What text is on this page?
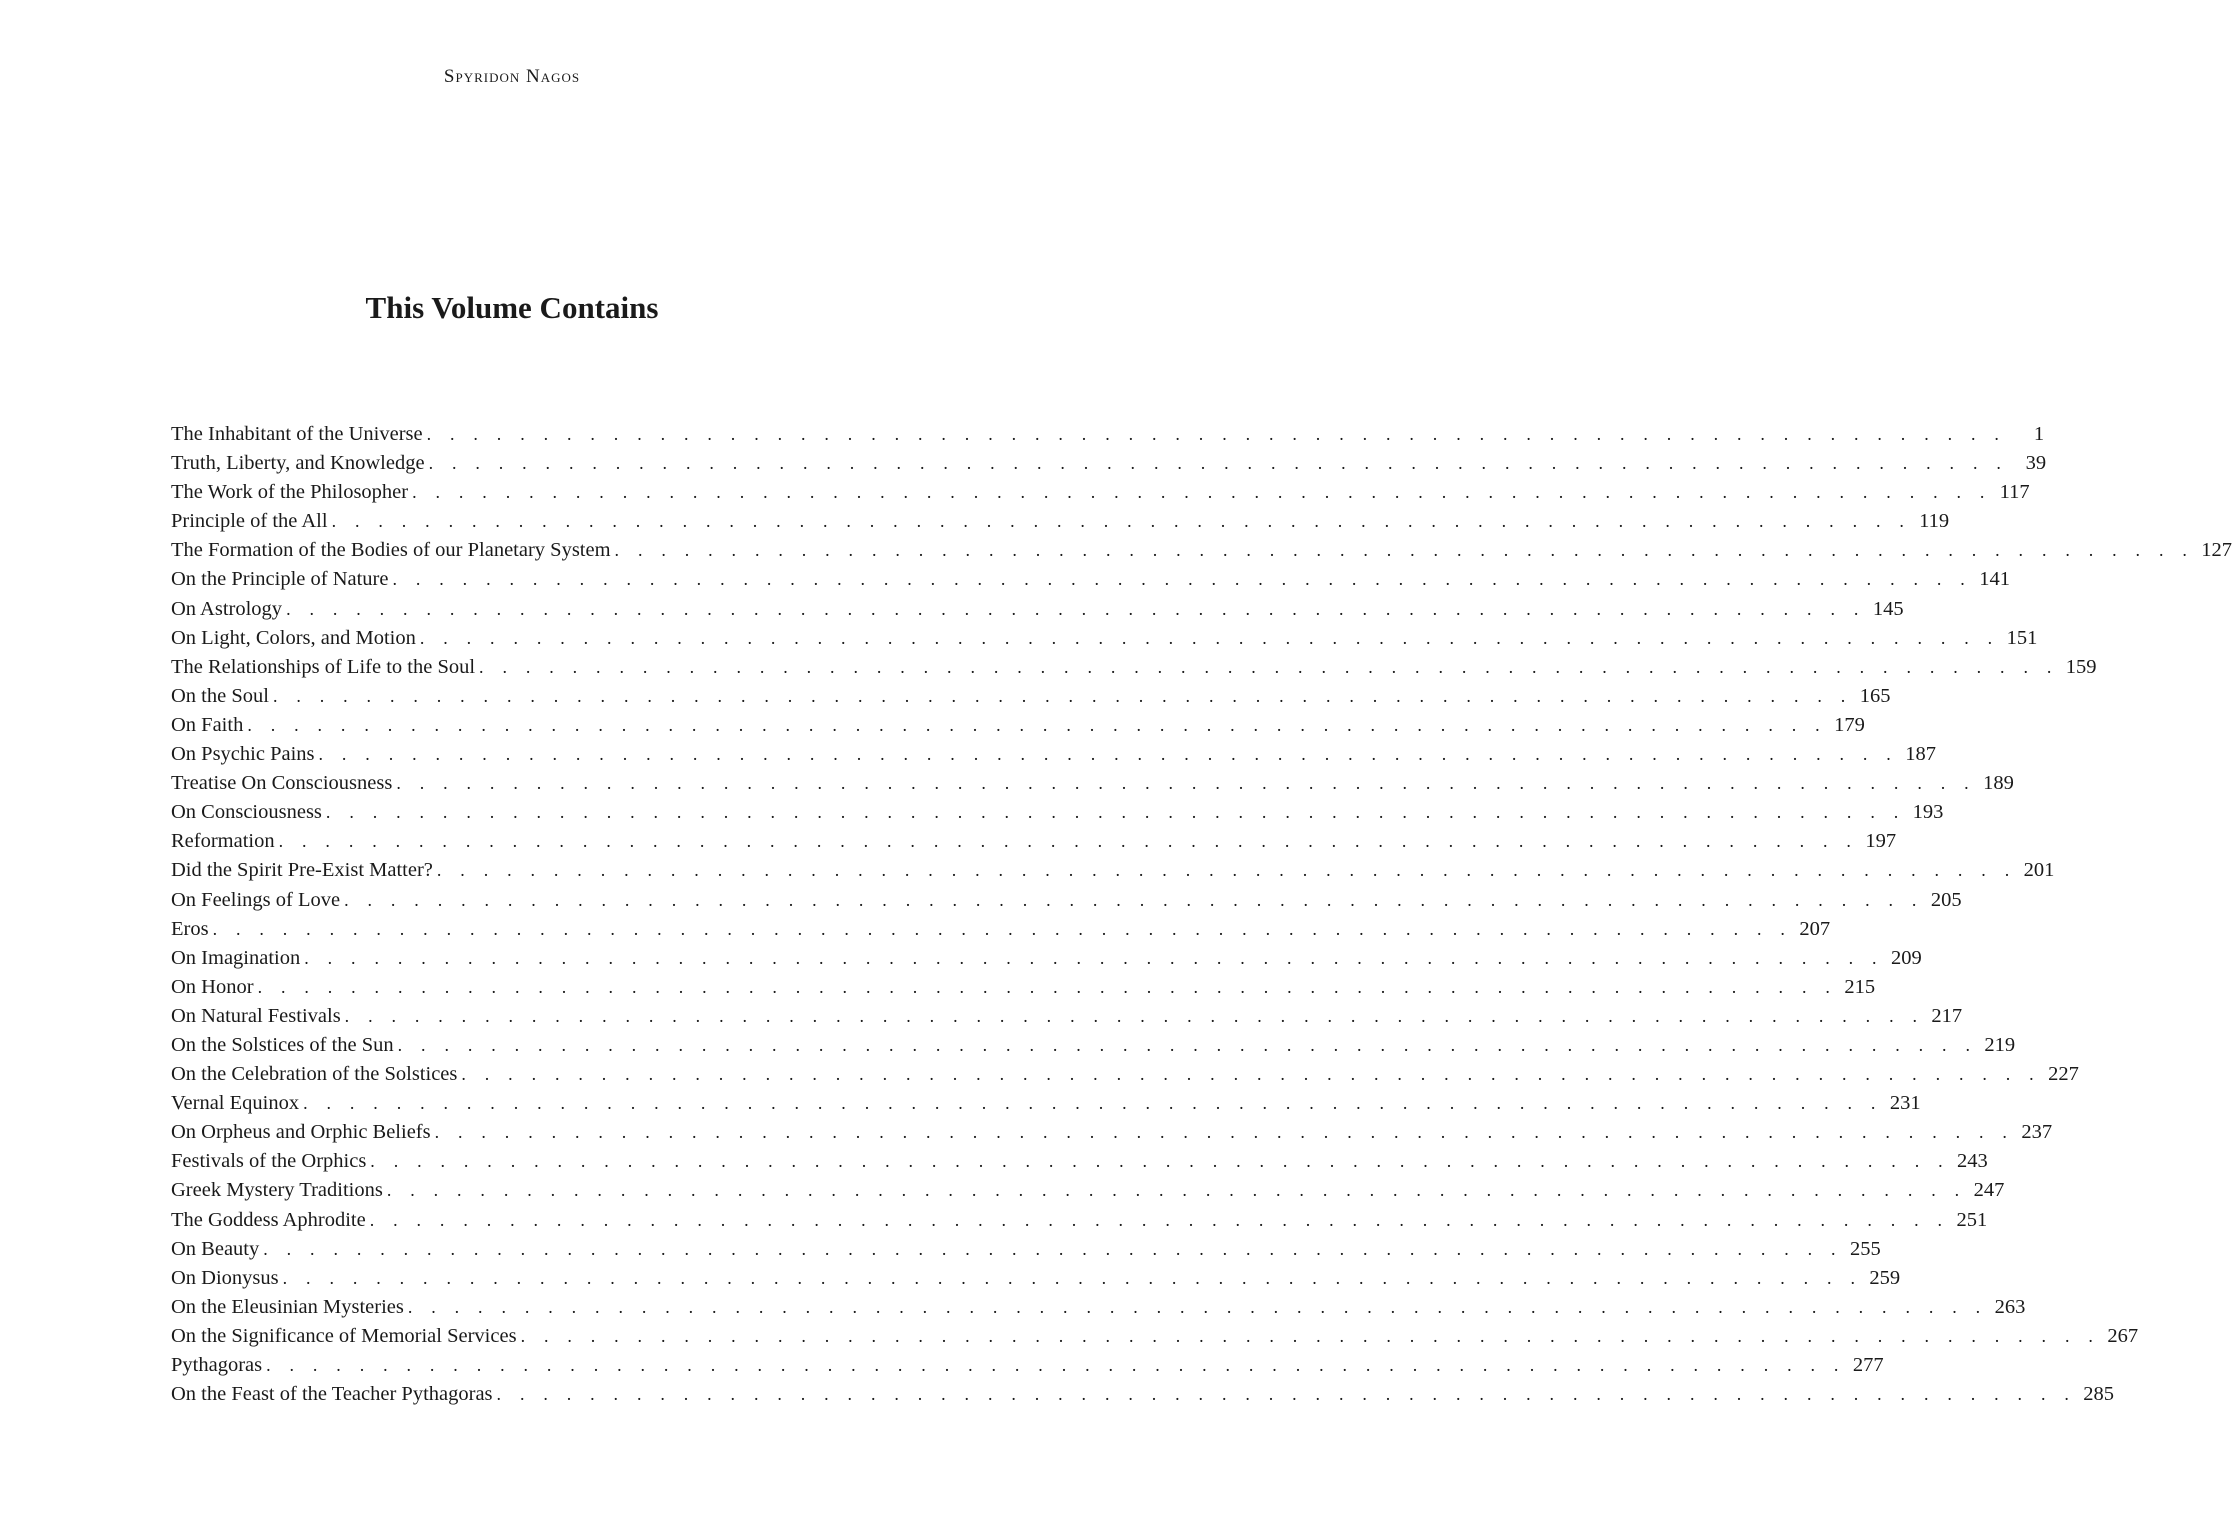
Spyridon Nagos
This Volume Contains
The Inhabitant of the Universe . . . . . . . . . . . . . . . . . . . . . . . . . . . . . . . . . . . . . . . . . . . . . . . . . . . . . . . . . . . . . . . . . . . .	1
Truth, Liberty, and Knowledge . . . . . . . . . . . . . . . . . . . . . . . . . . . . . . . . . . . . . . . . . . . . . . . . . . . . . . . . . . . . . . . . . . . . 39
The Work of the Philosopher . . . . . . . . . . . . . . . . . . . . . . . . . . . . . . . . . . . . . . . . . . . . . . . . . . . . . . . . . . . . . . . . . . . . 117
Principle of the All . . . . . . . . . . . . . . . . . . . . . . . . . . . . . . . . . . . . . . . . . . . . . . . . . . . . . . . . . . . . . . . . . . . . 119
The Formation of the Bodies of our Planetary System . . . . . . . . . . . . . . . . . . . . . . . . . . . . . . . . . . . . . . . . . . . . . . . . . . . . . . . . . . . . . . . . . . . . 127
On the Principle of Nature . . . . . . . . . . . . . . . . . . . . . . . . . . . . . . . . . . . . . . . . . . . . . . . . . . . . . . . . . . . . . . . . . . . . 141
On Astrology . . . . . . . . . . . . . . . . . . . . . . . . . . . . . . . . . . . . . . . . . . . . . . . . . . . . . . . . . . . . . . . . . . . . 145
On Light, Colors, and Motion . . . . . . . . . . . . . . . . . . . . . . . . . . . . . . . . . . . . . . . . . . . . . . . . . . . . . . . . . . . . . . . . . . . . 151
The Relationships of Life to the Soul . . . . . . . . . . . . . . . . . . . . . . . . . . . . . . . . . . . . . . . . . . . . . . . . . . . . . . . . . . . . . . . . . . . . 159
On the Soul . . . . . . . . . . . . . . . . . . . . . . . . . . . . . . . . . . . . . . . . . . . . . . . . . . . . . . . . . . . . . . . . . . . . 165
On Faith . . . . . . . . . . . . . . . . . . . . . . . . . . . . . . . . . . . . . . . . . . . . . . . . . . . . . . . . . . . . . . . . . . . . 179
On Psychic Pains . . . . . . . . . . . . . . . . . . . . . . . . . . . . . . . . . . . . . . . . . . . . . . . . . . . . . . . . . . . . . . . . . . . . 187
Treatise On Consciousness . . . . . . . . . . . . . . . . . . . . . . . . . . . . . . . . . . . . . . . . . . . . . . . . . . . . . . . . . . . . . . . . . . . . 189
On Consciousness . . . . . . . . . . . . . . . . . . . . . . . . . . . . . . . . . . . . . . . . . . . . . . . . . . . . . . . . . . . . . . . . . . . . 193
Reformation . . . . . . . . . . . . . . . . . . . . . . . . . . . . . . . . . . . . . . . . . . . . . . . . . . . . . . . . . . . . . . . . . . . . 197
Did the Spirit Pre-Exist Matter? . . . . . . . . . . . . . . . . . . . . . . . . . . . . . . . . . . . . . . . . . . . . . . . . . . . . . . . . . . . . . . . . . . . . 201
On Feelings of Love . . . . . . . . . . . . . . . . . . . . . . . . . . . . . . . . . . . . . . . . . . . . . . . . . . . . . . . . . . . . . . . . . . . . 205
Eros . . . . . . . . . . . . . . . . . . . . . . . . . . . . . . . . . . . . . . . . . . . . . . . . . . . . . . . . . . . . . . . . . . . . 207
On Imagination . . . . . . . . . . . . . . . . . . . . . . . . . . . . . . . . . . . . . . . . . . . . . . . . . . . . . . . . . . . . . . . . . . . . 209
On Honor . . . . . . . . . . . . . . . . . . . . . . . . . . . . . . . . . . . . . . . . . . . . . . . . . . . . . . . . . . . . . . . . . . . . 215
On Natural Festivals . . . . . . . . . . . . . . . . . . . . . . . . . . . . . . . . . . . . . . . . . . . . . . . . . . . . . . . . . . . . . . . . . . . . 217
On the Solstices of the Sun . . . . . . . . . . . . . . . . . . . . . . . . . . . . . . . . . . . . . . . . . . . . . . . . . . . . . . . . . . . . . . . . . . . . 219
On the Celebration of the Solstices . . . . . . . . . . . . . . . . . . . . . . . . . . . . . . . . . . . . . . . . . . . . . . . . . . . . . . . . . . . . . . . . . . . . 227
Vernal Equinox . . . . . . . . . . . . . . . . . . . . . . . . . . . . . . . . . . . . . . . . . . . . . . . . . . . . . . . . . . . . . . . . . . . . 231
On Orpheus and Orphic Beliefs . . . . . . . . . . . . . . . . . . . . . . . . . . . . . . . . . . . . . . . . . . . . . . . . . . . . . . . . . . . . . . . . . . . . 237
Festivals of the Orphics . . . . . . . . . . . . . . . . . . . . . . . . . . . . . . . . . . . . . . . . . . . . . . . . . . . . . . . . . . . . . . . . . . . . 243
Greek Mystery Traditions . . . . . . . . . . . . . . . . . . . . . . . . . . . . . . . . . . . . . . . . . . . . . . . . . . . . . . . . . . . . . . . . . . . . 247
The Goddess Aphrodite . . . . . . . . . . . . . . . . . . . . . . . . . . . . . . . . . . . . . . . . . . . . . . . . . . . . . . . . . . . . . . . . . . . . 251
On Beauty . . . . . . . . . . . . . . . . . . . . . . . . . . . . . . . . . . . . . . . . . . . . . . . . . . . . . . . . . . . . . . . . . . . . 255
On Dionysus . . . . . . . . . . . . . . . . . . . . . . . . . . . . . . . . . . . . . . . . . . . . . . . . . . . . . . . . . . . . . . . . . . . . 259
On the Eleusinian Mysteries . . . . . . . . . . . . . . . . . . . . . . . . . . . . . . . . . . . . . . . . . . . . . . . . . . . . . . . . . . . . . . . . . . . . 263
On the Significance of Memorial Services . . . . . . . . . . . . . . . . . . . . . . . . . . . . . . . . . . . . . . . . . . . . . . . . . . . . . . . . . . . . . . . . . . . . 267
Pythagoras . . . . . . . . . . . . . . . . . . . . . . . . . . . . . . . . . . . . . . . . . . . . . . . . . . . . . . . . . . . . . . . . . . . . 277
On the Feast of the Teacher Pythagoras . . . . . . . . . . . . . . . . . . . . . . . . . . . . . . . . . . . . . . . . . . . . . . . . . . . . . . . . . . . . . . . . . . . . 285
